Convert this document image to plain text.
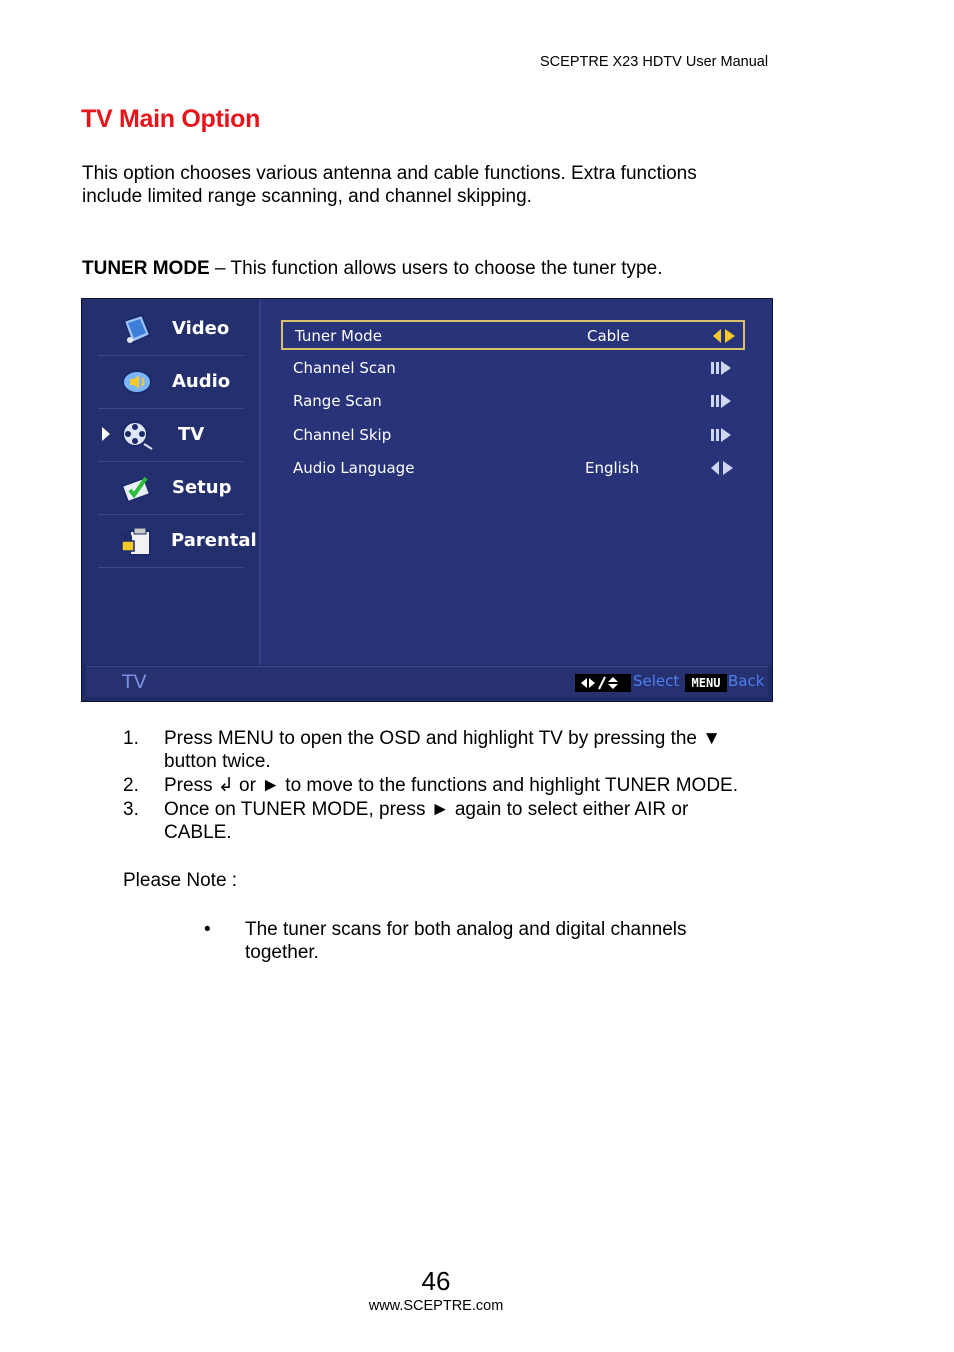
SCEPTRE X23 HDTV User Manual
TV Main Option
This option chooses various antenna and cable functions. Extra functions
include limited range scanning, and channel skipping.
TUNER MODE – This function allows users to choose the tuner type.
Video
Audio
TV
Setup
Parental
Tuner Mode	Cable
Channel Scan
Range Scan
Channel Skip
Audio Language	English
TV	Select	MENU Back
1. Press MENU to open the OSD and highlight TV by pressing the ▼
button twice.
2. Press ↲ or ► to move to the functions and highlight TUNER MODE.
3. Once on TUNER MODE, press ► again to select either AIR or
CABLE.
Please Note :
• The tuner scans for both analog and digital channels
together.
46
www.SCEPTRE.com
